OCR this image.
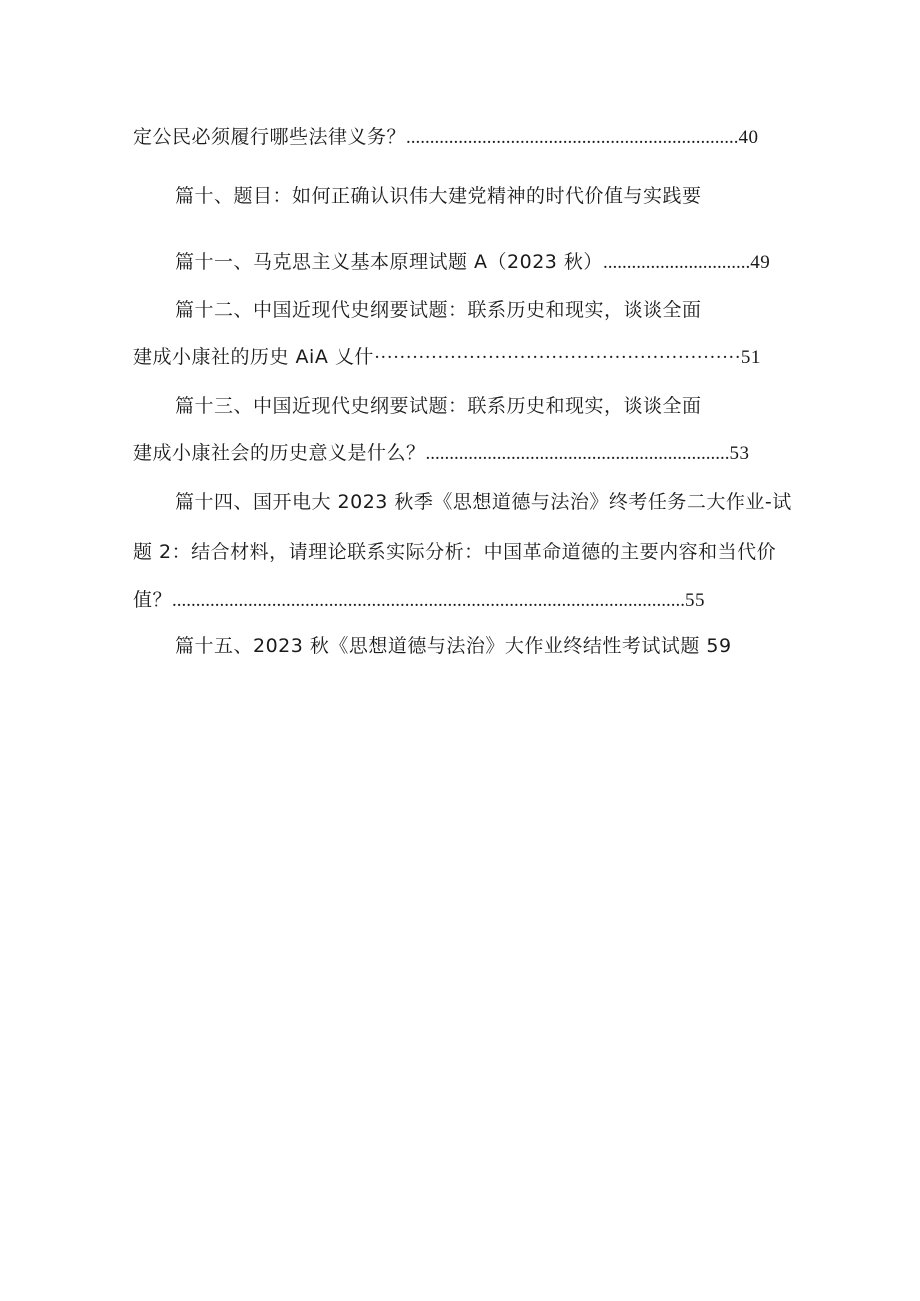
定公民必须履行哪些法律义务？......................................................................40
篇十、题目：如何正确认识伟大建党精神的时代价值与实践要
篇十一、马克思主义基本原理试题 A（2023 秋）...............................49
篇十二、中国近现代史纲要试题：联系历史和现实，谈谈全面
建成小康社的历史 AiA 乂什··························································51
篇十三、中国近现代史纲要试题：联系历史和现实，谈谈全面
建成小康社会的历史意义是什么？................................................................53
篇十四、国开电大 2023 秋季《思想道德与法治》终考任务二大作业-试
题 2：结合材料，请理论联系实际分析：中国革命道德的主要内容和当代价
值？............................................................................................................55
篇十五、2023 秋《思想道德与法治》大作业终结性考试试题 59
